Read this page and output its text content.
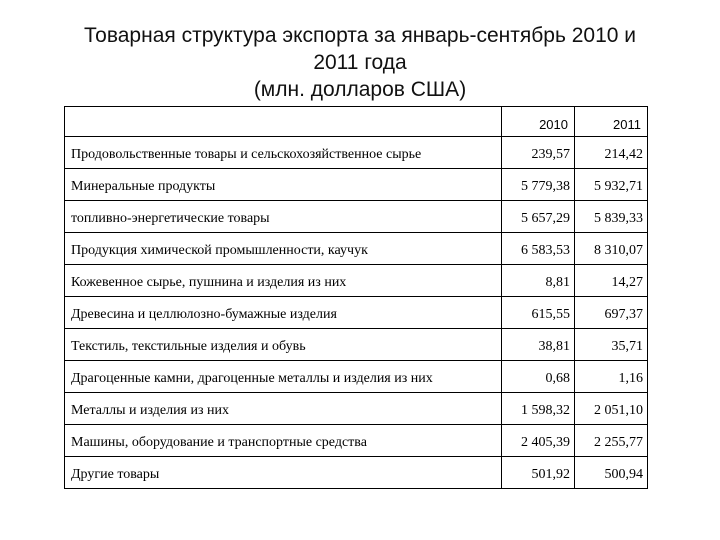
Товарная структура экспорта за январь-сентябрь 2010 и
2011 года
(млн. долларов США)
	2010	2011
Продовольственные товары и сельскохозяйственное сырье	239,57	214,42
Минеральные продукты	5 779,38	5 932,71
топливно-энергетические товары	5 657,29	5 839,33
Продукция химической промышленности, каучук	6 583,53	8 310,07
Кожевенное сырье, пушнина и изделия из них	8,81	14,27
Древесина и целлюлозно-бумажные изделия	615,55	697,37
Текстиль, текстильные изделия и обувь	38,81	35,71
Драгоценные камни, драгоценные металлы и изделия из них	0,68	1,16
Металлы и изделия из них	1 598,32	2 051,10
Машины, оборудование и транспортные средства	2 405,39	2 255,77
Другие товары	501,92	500,94
